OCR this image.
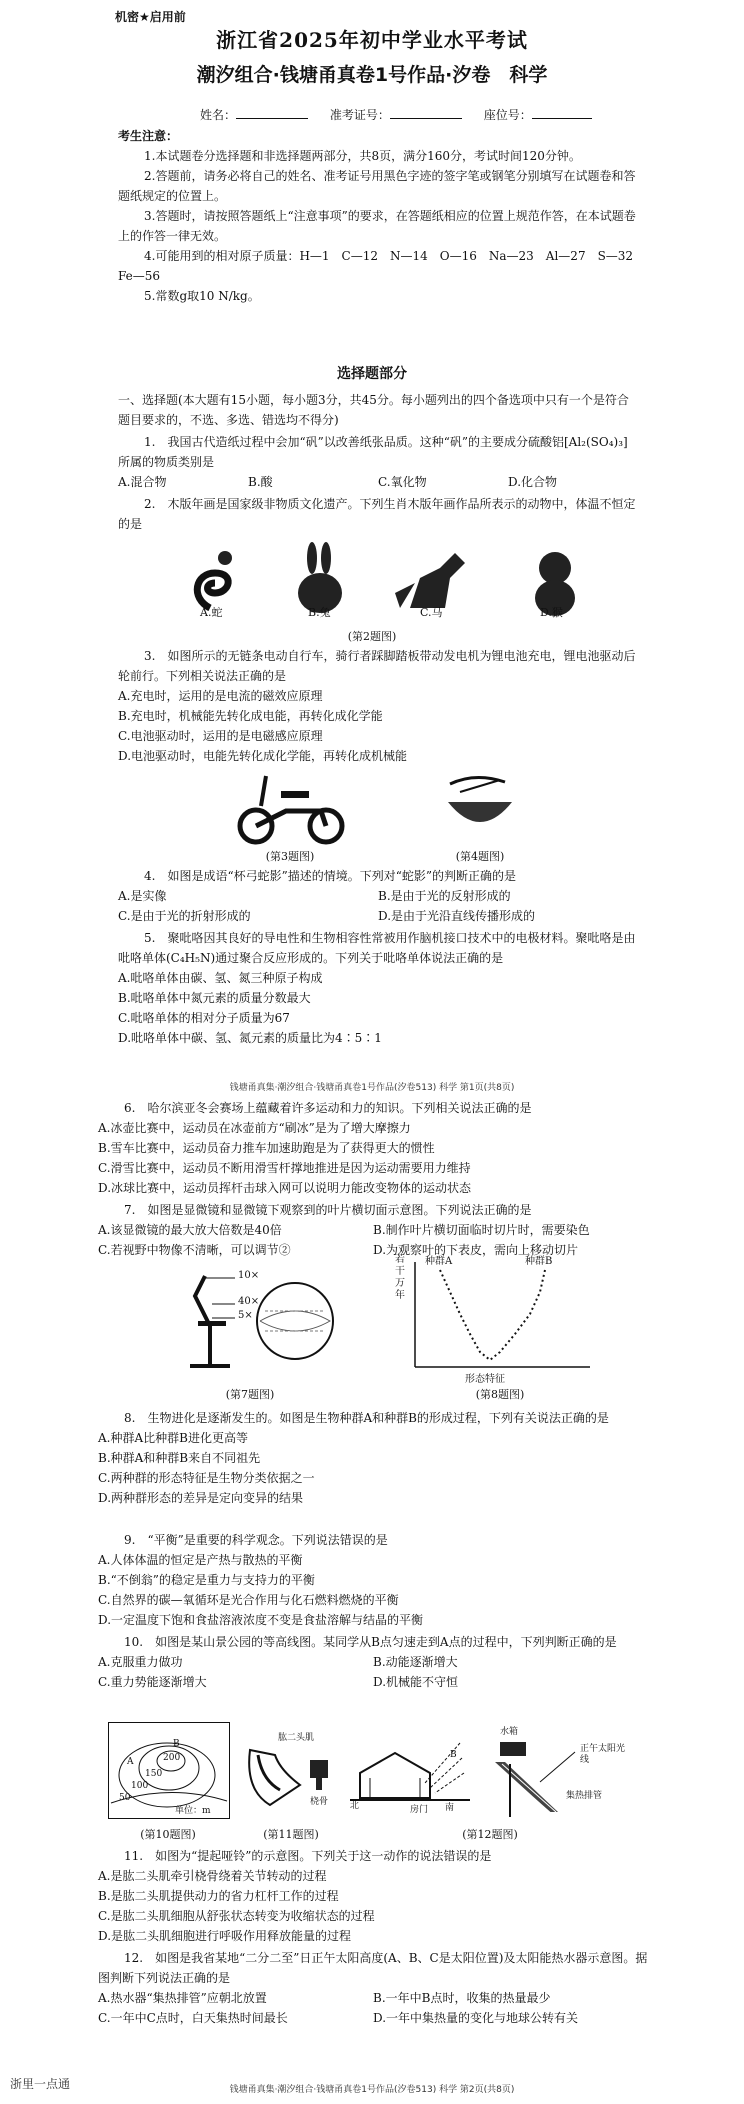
机密★启用前
浙江省2025年初中学业水平考试
潮汐组合·钱塘甬真卷1号作品·汐卷　科学
姓名：	准考证号：	座位号：

考生注意：

1.本试题卷分选择题和非选择题两部分，共8页，满分160分，考试时间120分钟。

2.答题前，请务必将自己的姓名、准考证号用黑色字迹的签字笔或钢笔分别填写在试题卷和答题纸规定的位置上。

3.答题时，请按照答题纸上“注意事项”的要求，在答题纸相应的位置上规范作答，在本试题卷上的作答一律无效。

4.可能用到的相对原子质量：H—1　C—12　N—14　O—16　Na—23　Al—27　S—32　Fe—56

5.常数g取10 N/kg。

选择题部分

一、选择题(本大题有15小题，每小题3分，共45分。每小题列出的四个备选项中只有一个是符合题目要求的，不选、多选、错选均不得分)

1.　我国古代造纸过程中会加“矾”以改善纸张品质。这种“矾”的主要成分硫酸铝[Al₂(SO₄)₃]所属的物质类别是

A.混合物	B.酸	C.氧化物	D.化合物

2.　木版年画是国家级非物质文化遗产。下列生肖木版年画作品所表示的动物中，体温不恒定的是

A.蛇	B.兔	C.马	D.猴
(第2题图)

3.　如图所示的无链条电动自行车，骑行者踩脚踏板带动发电机为锂电池充电，锂电池驱动后轮前行。下列相关说法正确的是

A.充电时，运用的是电流的磁效应原理

B.充电时，机械能先转化成电能，再转化成化学能

C.电池驱动时，运用的是电磁感应原理

D.电池驱动时，电能先转化成化学能，再转化成机械能

(第3题图)	(第4题图)

4.　如图是成语“杯弓蛇影”描述的情境。下列对“蛇影”的判断正确的是

A.是实像	B.是由于光的反射形成的
C.是由于光的折射形成的	D.是由于光沿直线传播形成的

5.　聚吡咯因其良好的导电性和生物相容性常被用作脑机接口技术中的电极材料。聚吡咯是由吡咯单体(C₄H₅N)通过聚合反应形成的。下列关于吡咯单体说法正确的是

A.吡咯单体由碳、氢、氮三种原子构成

B.吡咯单体中氮元素的质量分数最大

C.吡咯单体的相对分子质量为67

D.吡咯单体中碳、氢、氮元素的质量比为4∶5∶1

钱塘甬真集·潮汐组合·钱塘甬真卷1号作品(汐卷513) 科学 第1页(共8页)

6.　哈尔滨亚冬会赛场上蕴藏着许多运动和力的知识。下列相关说法正确的是

A.冰壶比赛中，运动员在冰壶前方“刷冰”是为了增大摩擦力

B.雪车比赛中，运动员奋力推车加速助跑是为了获得更大的惯性

C.滑雪比赛中，运动员不断用滑雪杆撑地推进是因为运动需要用力维持

D.冰球比赛中，运动员挥杆击球入网可以说明力能改变物体的运动状态

7.　如图是显微镜和显微镜下观察到的叶片横切面示意图。下列说法正确的是

A.该显微镜的最大放大倍数是40倍	B.制作叶片横切面临时切片时，需要染色
C.若视野中物像不清晰，可以调节②	D.为观察叶的下表皮，需向上移动切片
10×
40×
5×
若干万年
种群A	种群B
形态特征
(第7题图)	(第8题图)

8.　生物进化是逐渐发生的。如图是生物种群A和种群B的形成过程，下列有关说法正确的是

A.种群A比种群B进化更高等

B.种群A和种群B来自不同祖先

C.两种群的形态特征是生物分类依据之一

D.两种群形态的差异是定向变异的结果

9.　“平衡”是重要的科学观念。下列说法错误的是

A.人体体温的恒定是产热与散热的平衡

B.“不倒翁”的稳定是重力与支持力的平衡

C.自然界的碳—氧循环是光合作用与化石燃料燃烧的平衡

D.一定温度下饱和食盐溶液浓度不变是食盐溶解与结晶的平衡

10.　如图是某山景公园的等高线图。某同学从B点匀速走到A点的过程中，下列判断正确的是

A.克服重力做功	B.动能逐渐增大
C.重力势能逐渐增大	D.机械能不守恒
B
200
A
150
100
50
单位：m
肱二头肌
桡骨 北
B
房门 南
水箱
正午太阳光线
集热排管
(第10题图)	(第11题图)	(第12题图)

11.　如图为“提起哑铃”的示意图。下列关于这一动作的说法错误的是

A.是肱二头肌牵引桡骨绕着关节转动的过程

B.是肱二头肌提供动力的省力杠杆工作的过程

C.是肱二头肌细胞从舒张状态转变为收缩状态的过程

D.是肱二头肌细胞进行呼吸作用释放能量的过程

12.　如图是我省某地“二分二至”日正午太阳高度(A、B、C是太阳位置)及太阳能热水器示意图。据图判断下列说法正确的是

A.热水器“集热排管”应朝北放置	B.一年中B点时，收集的热量最少
C.一年中C点时，白天集热时间最长	D.一年中集热量的变化与地球公转有关
钱塘甬真集·潮汐组合·钱塘甬真卷1号作品(汐卷513) 科学 第2页(共8页)
浙里一点通
